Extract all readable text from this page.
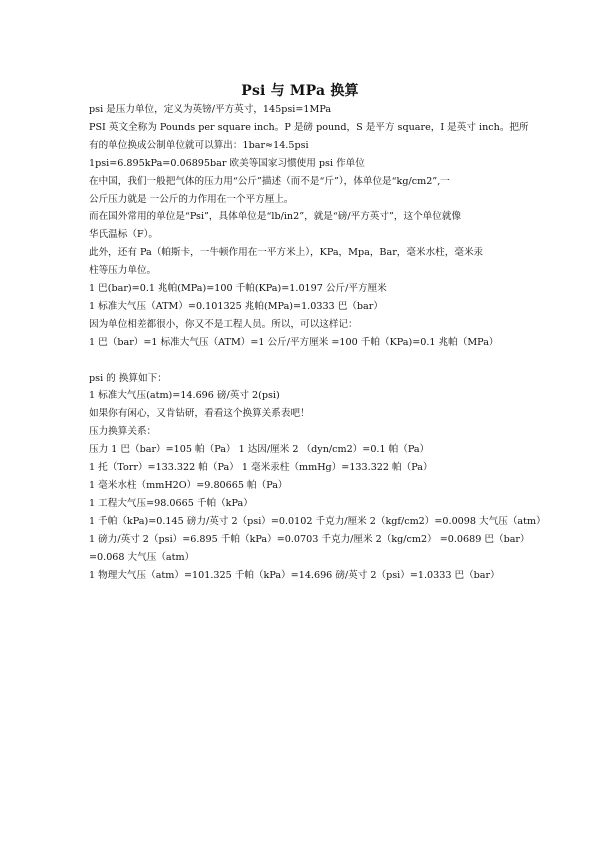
Psi 与 MPa 换算

psi 是压力单位，定义为英镑/平方英寸，145psi=1MPa

PSI 英文全称为 Pounds per square inch。P 是磅 pound，S 是平方 square，I 是英寸 inch。把所

有的单位换成公制单位就可以算出：1bar≈14.5psi

1psi=6.895kPa=0.06895bar 欧美等国家习惯使用 psi 作单位

在中国，我们一般把气体的压力用“公斤”描述（而不是“斤”），体单位是“kg/cm2”,一

公斤压力就是 一公斤的力作用在一个平方厘上。

而在国外常用的单位是“Psi”，具体单位是“lb/in2”，就是“磅/平方英寸”，这个单位就像

华氏温标（F）。

此外，还有 Pa（帕斯卡，一牛顿作用在一平方米上），KPa，Mpa，Bar，毫米水柱，毫米汞

柱等压力单位。

1 巴(bar)=0.1 兆帕(MPa)=100 千帕(KPa)=1.0197 公斤/平方厘米

1 标准大气压（ATM）=0.101325 兆帕(MPa)=1.0333 巴（bar）

因为单位相差都很小，你又不是工程人员。所以，可以这样记：

1 巴（bar）=1 标准大气压（ATM）=1 公斤/平方厘米 =100 千帕（KPa)=0.1 兆帕（MPa）

psi 的 换算如下：

1 标准大气压(atm)=14.696 磅/英寸 2(psi)

如果你有闲心，又肯钻研，看看这个换算关系表吧！

压力换算关系：

压力 1 巴（bar）=105 帕（Pa） 1 达因/厘米 2 （dyn/cm2）=0.1 帕（Pa）

1 托（Torr）=133.322 帕（Pa） 1 毫米汞柱（mmHg）=133.322 帕（Pa）

1 毫米水柱（mmH2O）=9.80665 帕（Pa）

1 工程大气压=98.0665 千帕（kPa）

1 千帕（kPa)=0.145 磅力/英寸 2（psi）=0.0102 千克力/厘米 2（kgf/cm2）=0.0098 大气压（atm）

1 磅力/英寸 2（psi）=6.895 千帕（kPa）=0.0703 千克力/厘米 2（kg/cm2） =0.0689 巴（bar）

=0.068 大气压（atm）

1 物理大气压（atm）=101.325 千帕（kPa）=14.696 磅/英寸 2（psi）=1.0333 巴（bar）
